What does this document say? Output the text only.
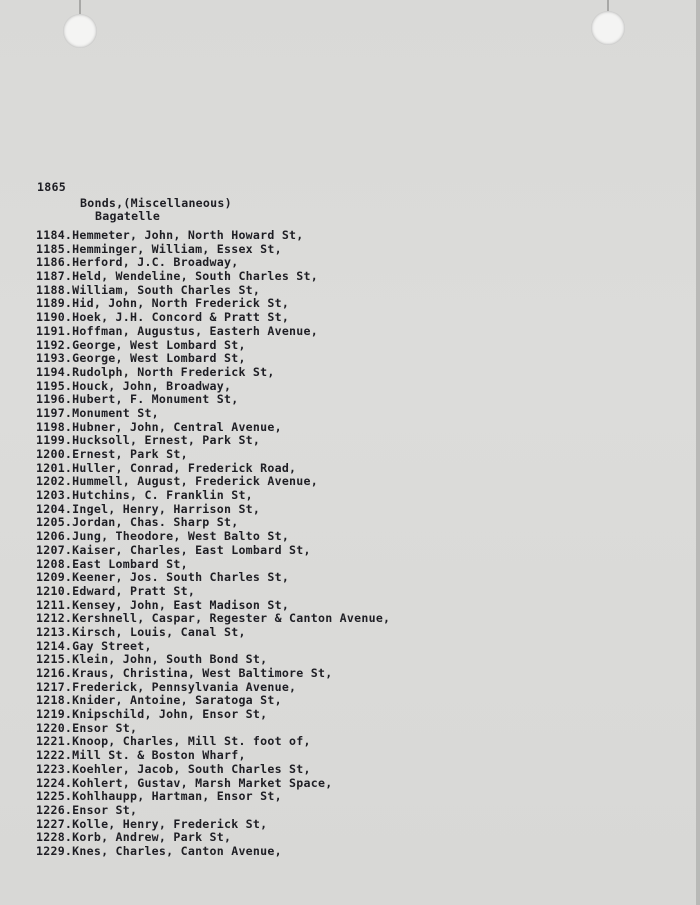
1865
Bonds,(Miscellaneous)
Bagatelle
1184.Hemmeter, John, North Howard St,
1185.Hemminger, William, Essex St,
1186.Herford, J.C. Broadway,
1187.Held, Wendeline, South Charles St,
1188.William, South Charles St,
1189.Hid, John, North Frederick St,
1190.Hoek, J.H. Concord & Pratt St,
1191.Hoffman, Augustus, Easterh Avenue,
1192.George, West Lombard St,
1193.George, West Lombard St,
1194.Rudolph, North Frederick St,
1195.Houck, John, Broadway,
1196.Hubert, F. Monument St,
1197.Monument St,
1198.Hubner, John, Central Avenue,
1199.Hucksoll, Ernest, Park St,
1200.Ernest, Park St,
1201.Huller, Conrad, Frederick Road,
1202.Hummell, August, Frederick Avenue,
1203.Hutchins, C. Franklin St,
1204.Ingel, Henry, Harrison St,
1205.Jordan, Chas. Sharp St,
1206.Jung, Theodore, West Balto St,
1207.Kaiser, Charles, East Lombard St,
1208.East Lombard St,
1209.Keener, Jos. South Charles St,
1210.Edward, Pratt St,
1211.Kensey, John, East Madison St,
1212.Kershnell, Caspar, Regester & Canton Avenue,
1213.Kirsch, Louis, Canal St,
1214.Gay Street,
1215.Klein, John, South Bond St,
1216.Kraus, Christina, West Baltimore St,
1217.Frederick, Pennsylvania Avenue,
1218.Knider, Antoine, Saratoga St,
1219.Knipschild, John, Ensor St,
1220.Ensor St,
1221.Knoop, Charles, Mill St. foot of,
1222.Mill St. & Boston Wharf,
1223.Koehler, Jacob, South Charles St,
1224.Kohlert, Gustav, Marsh Market Space,
1225.Kohlhaupp, Hartman, Ensor St,
1226.Ensor St,
1227.Kolle, Henry, Frederick St,
1228.Korb, Andrew, Park St,
1229.Knes, Charles, Canton Avenue,
